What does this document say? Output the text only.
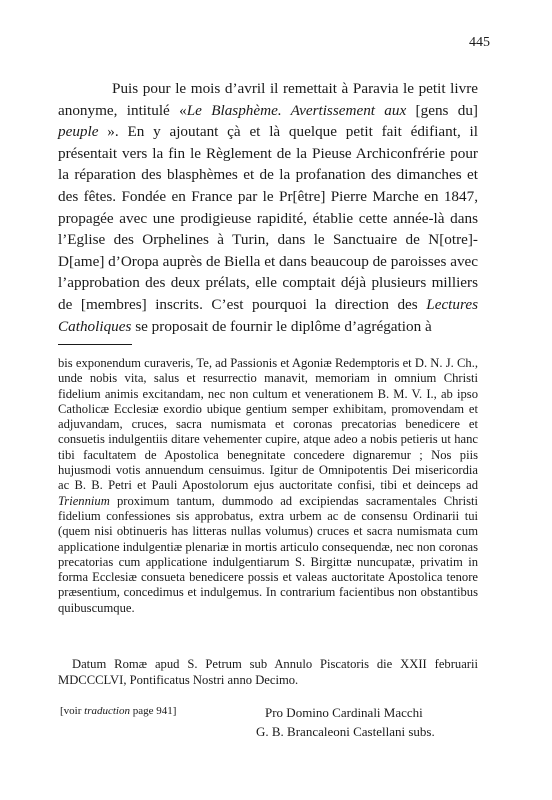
445

Puis pour le mois d’avril il remettait à Paravia le petit livre anonyme, intitulé «Le Blasphème. Avertissement aux [gens du] peuple ». En y ajoutant çà et là quelque petit fait édifiant, il présentait vers la fin le Règlement de la Pieuse Archiconfrérie pour la réparation des blasphèmes et de la profanation des dimanches et des fêtes. Fondée en France par le Pr[être] Pierre Marche en 1847, propagée avec une prodigieuse rapidité, établie cette année-là dans l’Eglise des Orphelines à Turin, dans le Sanctuaire de N[otre]-D[ame] d’Oropa auprès de Biella et dans beaucoup de paroisses avec l’approbation des deux prélats, elle comptait déjà plusieurs milliers de [membres] inscrits. C’est pourquoi la direction des Lectures Catholiques se proposait de fournir le diplôme d’agrégation à

bis exponendum curaveris, Te, ad Passionis et Agoniæ Redemptoris et D. N. J. Ch., unde nobis vita, salus et resurrectio manavit, memoriam in omnium Christi fidelium animis excitandam, nec non cultum et venerationem B. M. V. I., ab ipso Catholicæ Ecclesiæ exordio ubique gentium semper exhibitam, promovendam et adjuvandam, cruces, sacra numismata et coronas precatorias benedicere et consuetis indulgentiis ditare vehementer cupire, atque adeo a nobis petieris ut hanc tibi facultatem de Apostolica benegnitate concedere dignaremur ; Nos piis hujusmodi votis annuendum censuimus. Igitur de Omnipotentis Dei misericordia ac B. B. Petri et Pauli Apostolorum ejus auctoritate confisi, tibi et deinceps ad Triennium proximum tantum, dummodo ad excipiendas sacramentales Christi fidelium confessiones sis approbatus, extra urbem ac de consensu Ordinarii tui (quem nisi obtinueris has litteras nullas volumus) cruces et sacra numismata cum applicatione indulgentiæ plenariæ in mortis articulo consequendæ, nec non coronas precatorias cum applicatione indulgentiarum S. Birgittæ nuncupatæ, privatim in forma Ecclesiæ consueta benedicere possis et valeas auctoritate Apostolica tenore præsentium, concedimus et indulgemus. In contrarium facientibus non obstantibus quibuscumque.

Datum Romæ apud S. Petrum sub Annulo Piscatoris die XXII februarii MDCCCLVI, Pontificatus Nostri anno Decimo.

[voir traduction page 941]	Pro Domino Cardinali Macchi
G. B. Brancaleoni Castellani subs.
